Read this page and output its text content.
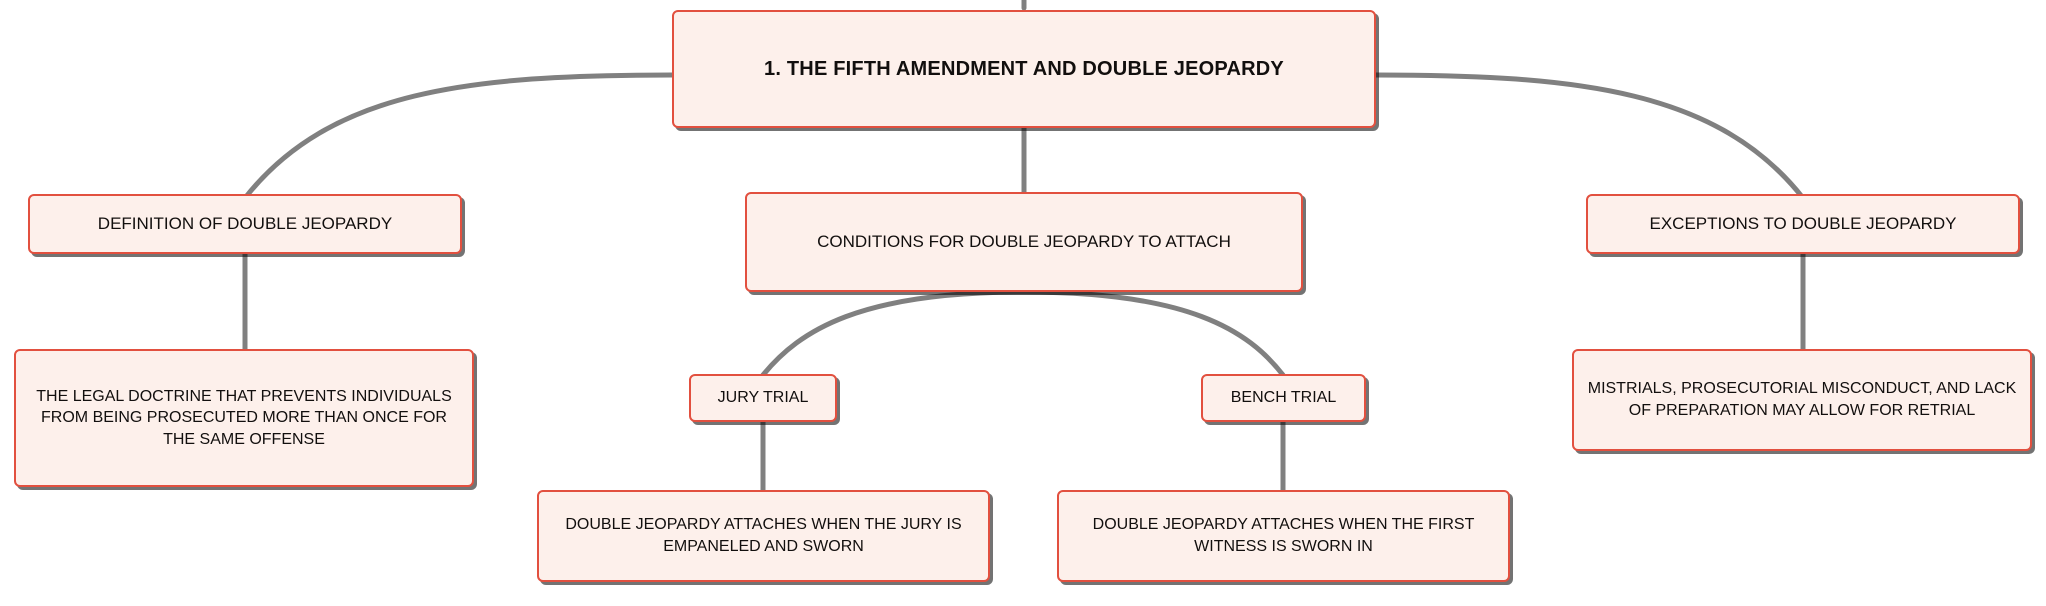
1. THE FIFTH AMENDMENT AND DOUBLE JEOPARDY
DEFINITION OF DOUBLE JEOPARDY
THE LEGAL DOCTRINE THAT PREVENTS INDIVIDUALS FROM BEING PROSECUTED MORE THAN ONCE FOR THE SAME OFFENSE
CONDITIONS FOR DOUBLE JEOPARDY TO ATTACH
JURY TRIAL
DOUBLE JEOPARDY ATTACHES WHEN THE JURY IS EMPANELED AND SWORN
BENCH TRIAL
DOUBLE JEOPARDY ATTACHES WHEN THE FIRST WITNESS IS SWORN IN
EXCEPTIONS TO DOUBLE JEOPARDY
MISTRIALS, PROSECUTORIAL MISCONDUCT, AND LACK OF PREPARATION MAY ALLOW FOR RETRIAL
